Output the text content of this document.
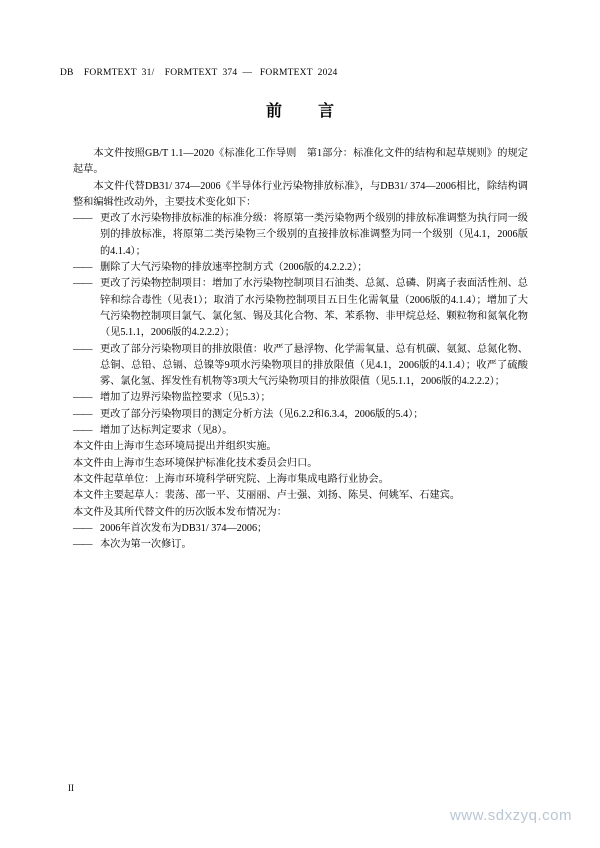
DB    FORMTEXT  31/    FORMTEXT  374  —   FORMTEXT  2024
前　言

本文件按照GB/T 1.1—2020《标准化工作导则　第1部分：标准化文件的结构和起草规则》的规定起草。

本文件代替DB31/ 374—2006《半导体行业污染物排放标准》，与DB31/ 374—2006相比，除结构调整和编辑性改动外，主要技术变化如下：

—— 更改了水污染物排放标准的标准分级：将原第一类污染物两个级别的排放标准调整为执行同一级别的排放标准，将原第二类污染物三个级别的直接排放标准调整为同一个级别（见4.1，2006版的4.1.4）；

—— 删除了大气污染物的排放速率控制方式（2006版的4.2.2.2）；

—— 更改了污染物控制项目：增加了水污染物控制项目石油类、总氮、总磷、阴离子表面活性剂、总锌和综合毒性（见表1）；取消了水污染物控制项目五日生化需氧量（2006版的4.1.4）；增加了大气污染物控制项目氯气、氯化氢、锡及其化合物、苯、苯系物、非甲烷总烃、颗粒物和氮氧化物（见5.1.1，2006版的4.2.2.2）；

—— 更改了部分污染物项目的排放限值：收严了悬浮物、化学需氧量、总有机碳、氨氮、总氮化物、总铜、总铅、总镉、总镍等9项水污染物项目的排放限值（见4.1，2006版的4.1.4）；收严了硫酸雾、氯化氢、挥发性有机物等3项大气污染物项目的排放限值（见5.1.1，2006版的4.2.2.2）；

—— 增加了边界污染物监控要求（见5.3）；

—— 更改了部分污染物项目的测定分析方法（见6.2.2和6.3.4，2006版的5.4）；

—— 增加了达标判定要求（见8）。

本文件由上海市生态环境局提出并组织实施。

本文件由上海市生态环境保护标准化技术委员会归口。

本文件起草单位：上海市环境科学研究院、上海市集成电路行业协会。

本文件主要起草人：裴荡、邵一平、艾丽丽、卢士强、刘扬、陈昊、何姚军、石建宾。

本文件及其所代替文件的历次版本发布情况为：

—— 2006年首次发布为DB31/ 374—2006；

—— 本次为第一次修订。

II
www.sdxzyq.com
